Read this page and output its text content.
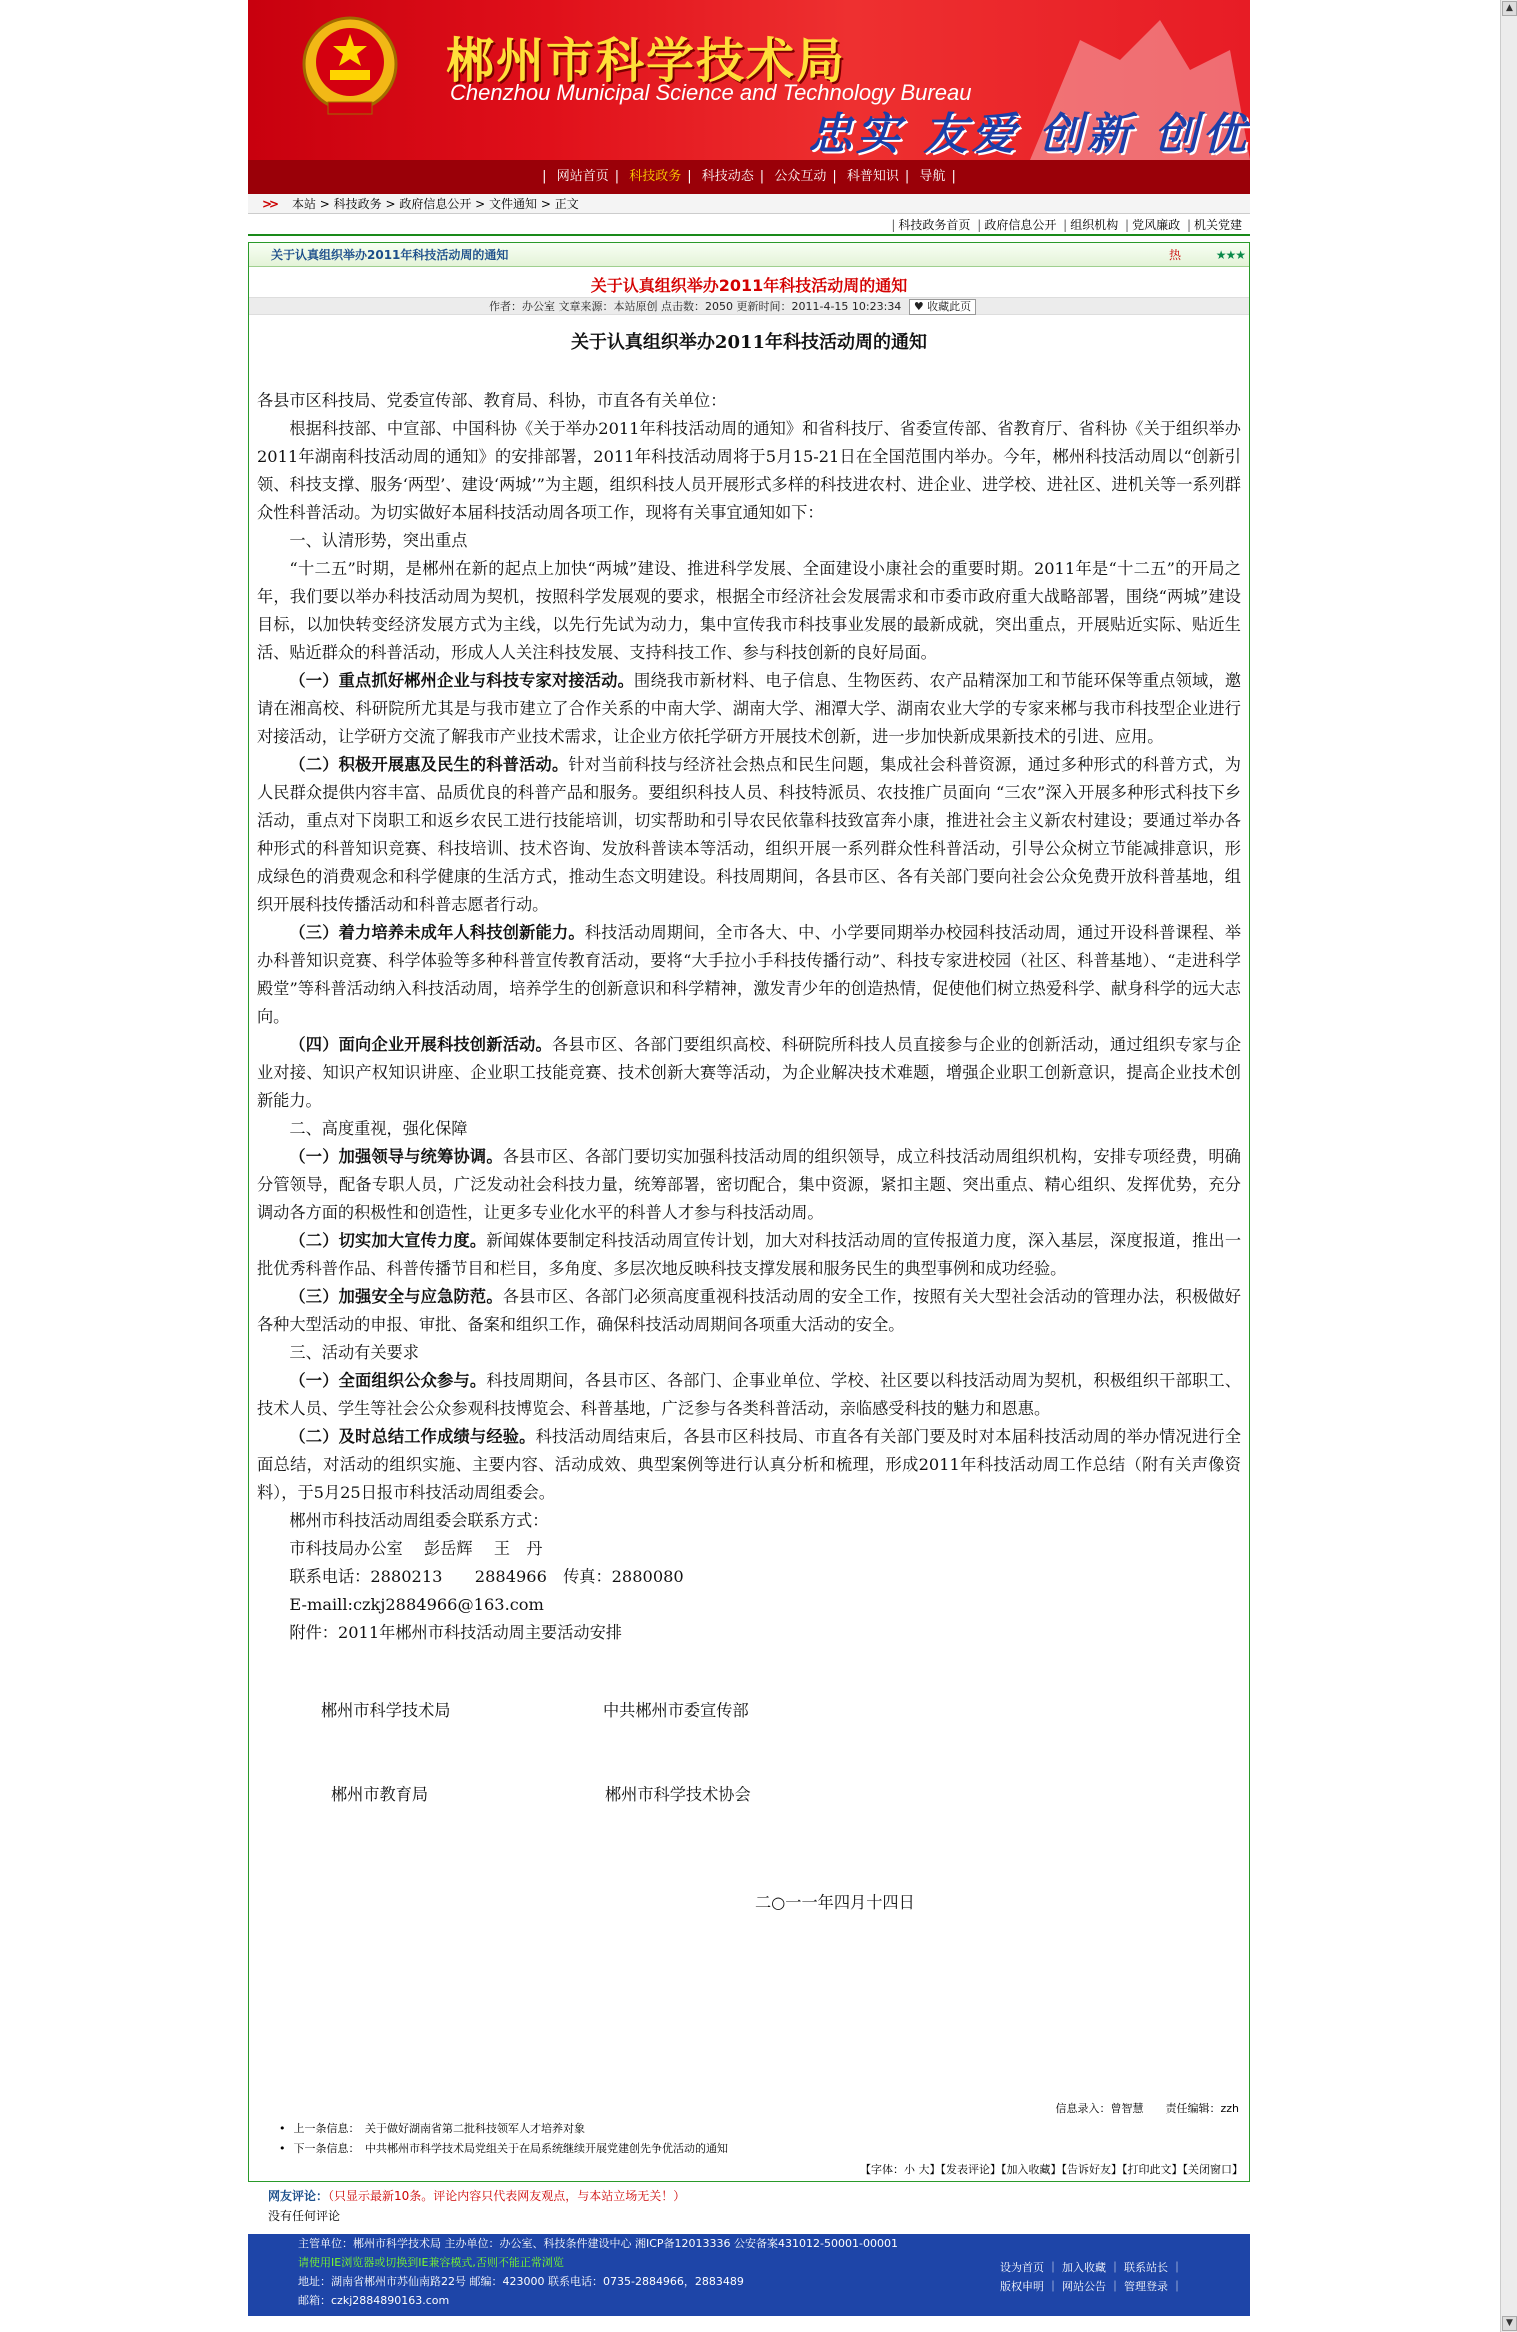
郴州市科学技术局
Chenzhou Municipal Science and Technology Bureau
忠实 友爱 创新 创优
| 网站首页 | 科技政务 | 科技动态 | 公众互动 | 科普知识 | 导航 |
>> 本站 > 科技政务 > 政府信息公开 > 文件通知 > 正文
| 科技政务首页 | 政府信息公开 | 组织机构 | 党风廉政 | 机关党建
关于认真组织举办2011年科技活动周的通知	热	★★★
关于认真组织举办2011年科技活动周的通知
作者：办公室 文章来源：本站原创 点击数：2050 更新时间：2011-4-15 10:23:34 ♥ 收藏此页
关于认真组织举办2011年科技活动周的通知

各县市区科技局、党委宣传部、教育局、科协，市直各有关单位：

根据科技部、中宣部、中国科协《关于举办2011年科技活动周的通知》和省科技厅、省委宣传部、省教育厅、省科协《关于组织举办2011年湖南科技活动周的通知》的安排部署，2011年科技活动周将于5月15-21日在全国范围内举办。今年，郴州科技活动周以“创新引领、科技支撑、服务‘两型’、建设‘两城’”为主题，组织科技人员开展形式多样的科技进农村、进企业、进学校、进社区、进机关等一系列群众性科普活动。为切实做好本届科技活动周各项工作，现将有关事宜通知如下：

一、认清形势，突出重点

“十二五”时期，是郴州在新的起点上加快“两城”建设、推进科学发展、全面建设小康社会的重要时期。2011年是“十二五”的开局之年，我们要以举办科技活动周为契机，按照科学发展观的要求，根据全市经济社会发展需求和市委市政府重大战略部署，围绕“两城”建设目标，以加快转变经济发展方式为主线，以先行先试为动力，集中宣传我市科技事业发展的最新成就，突出重点，开展贴近实际、贴近生活、贴近群众的科普活动，形成人人关注科技发展、支持科技工作、参与科技创新的良好局面。

（一）重点抓好郴州企业与科技专家对接活动。围绕我市新材料、电子信息、生物医药、农产品精深加工和节能环保等重点领域，邀请在湘高校、科研院所尤其是与我市建立了合作关系的中南大学、湖南大学、湘潭大学、湖南农业大学的专家来郴与我市科技型企业进行对接活动，让学研方交流了解我市产业技术需求，让企业方依托学研方开展技术创新，进一步加快新成果新技术的引进、应用。

（二）积极开展惠及民生的科普活动。针对当前科技与经济社会热点和民生问题，集成社会科普资源，通过多种形式的科普方式，为人民群众提供内容丰富、品质优良的科普产品和服务。要组织科技人员、科技特派员、农技推广员面向 “三农”深入开展多种形式科技下乡活动，重点对下岗职工和返乡农民工进行技能培训，切实帮助和引导农民依靠科技致富奔小康，推进社会主义新农村建设；要通过举办各种形式的科普知识竞赛、科技培训、技术咨询、发放科普读本等活动，组织开展一系列群众性科普活动，引导公众树立节能减排意识，形成绿色的消费观念和科学健康的生活方式，推动生态文明建设。科技周期间，各县市区、各有关部门要向社会公众免费开放科普基地，组织开展科技传播活动和科普志愿者行动。

（三）着力培养未成年人科技创新能力。科技活动周期间，全市各大、中、小学要同期举办校园科技活动周，通过开设科普课程、举办科普知识竞赛、科学体验等多种科普宣传教育活动，要将“大手拉小手科技传播行动”、科技专家进校园（社区、科普基地）、“走进科学殿堂”等科普活动纳入科技活动周，培养学生的创新意识和科学精神，激发青少年的创造热情，促使他们树立热爱科学、献身科学的远大志向。

（四）面向企业开展科技创新活动。各县市区、各部门要组织高校、科研院所科技人员直接参与企业的创新活动，通过组织专家与企业对接、知识产权知识讲座、企业职工技能竞赛、技术创新大赛等活动，为企业解决技术难题，增强企业职工创新意识，提高企业技术创新能力。

二、高度重视，强化保障

（一）加强领导与统筹协调。各县市区、各部门要切实加强科技活动周的组织领导，成立科技活动周组织机构，安排专项经费，明确分管领导，配备专职人员，广泛发动社会科技力量，统筹部署，密切配合，集中资源，紧扣主题、突出重点、精心组织、发挥优势，充分调动各方面的积极性和创造性，让更多专业化水平的科普人才参与科技活动周。

（二）切实加大宣传力度。新闻媒体要制定科技活动周宣传计划，加大对科技活动周的宣传报道力度，深入基层，深度报道，推出一批优秀科普作品、科普传播节目和栏目，多角度、多层次地反映科技支撑发展和服务民生的典型事例和成功经验。

（三）加强安全与应急防范。各县市区、各部门必须高度重视科技活动周的安全工作，按照有关大型社会活动的管理办法，积极做好各种大型活动的申报、审批、备案和组织工作，确保科技活动周期间各项重大活动的安全。

三、活动有关要求

（一）全面组织公众参与。科技周期间，各县市区、各部门、企事业单位、学校、社区要以科技活动周为契机，积极组织干部职工、技术人员、学生等社会公众参观科技博览会、科普基地，广泛参与各类科普活动，亲临感受科技的魅力和恩惠。

（二）及时总结工作成绩与经验。科技活动周结束后，各县市区科技局、市直各有关部门要及时对本届科技活动周的举办情况进行全面总结，对活动的组织实施、主要内容、活动成效、典型案例等进行认真分析和梳理，形成2011年科技活动周工作总结（附有关声像资料），于5月25日报市科技活动周组委会。

郴州市科技活动周组委会联系方式：

市科技局办公室　 彭岳辉　 王　丹

联系电话：2880213　　2884966　传真：2880080

E-maill:czkj2884966@163.com

附件：2011年郴州市科技活动周主要活动安排

郴州市科学技术局	中共郴州市委宣传部
郴州市教育局	郴州市科学技术协会
二○一一年四月十四日
信息录入：曾智慧　　责任编辑：zzh
• 上一条信息：　关于做好湖南省第二批科技领军人才培养对象
• 下一条信息：　中共郴州市科学技术局党组关于在局系统继续开展党建创先争优活动的通知
【字体：小 大】【发表评论】【加入收藏】【告诉好友】【打印此文】【关闭窗口】
网友评论：（只显示最新10条。评论内容只代表网友观点，与本站立场无关！）
没有任何评论
主管单位：郴州市科学技术局 主办单位：办公室、科技条件建设中心 湘ICP备12013336 公安备案431012-50001-00001
请使用IE浏览器或切换到IE兼容模式,否则不能正常浏览
地址：湖南省郴州市苏仙南路22号 邮编：423000 联系电话：0735-2884966，2883489
邮箱：czkj2884890163.com
设为首页 ｜ 加入收藏 ｜ 联系站长 ｜
版权申明 ｜ 网站公告 ｜ 管理登录 ｜
▲
▼
